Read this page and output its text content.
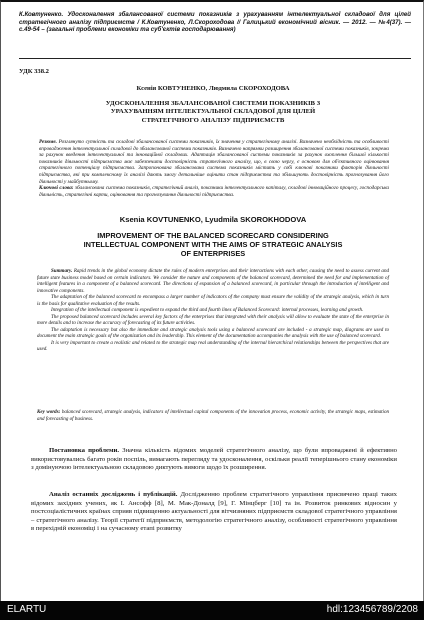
К.Ковтуненко. Удосконалення збалансованої системи показників з урахуванням інтелектуальної складової для цілей стратегічного аналізу підприємств / К.Ковтуненко, Л.Скороходова // Галицький економічний вісник. — 2012. — №4(37). — с.49-54 – (загальні проблеми економіки та суб'єктів господарювання)
УДК 338.2
Ксенія КОВТУНЕНКО, Людмила СКОРОХОДОВА
УДОСКОНАЛЕННЯ ЗБАЛАНСОВАНОЇ СИСТЕМИ ПОКАЗНИКІВ З
УРАХУВАННЯМ ІНТЕЛЕКТУАЛЬНОЇ СКЛАДОВОЇ ДЛЯ ЦІЛЕЙ
СТРАТЕГІЧНОГО АНАЛІЗУ ПІДПРИЄМСТВ
Резюме. Розглянуто сутність та складові збалансованої системи показників, їх значення у стратегічному аналізі. Визначено необхідність та особливості впровадження інтелектуальної складової до збалансованої системи показників. Визначено напрямки розширення збалансованої системи показників, зокрема за рахунок введення інтелектуальної та інноваційної складових. Адаптація збалансованої системи показників за рахунок охоплення більшої кількості показників діяльності підприємства має забезпечити достовірність стратегічного аналізу, що, в свою чергу, є основою для об'єктивного оцінювання стратегічного потенціалу підприємства. Запропонована збалансована система показників містить у собі ключові показники факторів діяльності підприємства, які при комплексному їх аналізі дають змогу детальніше оцінити стан підприємства та збільшують достовірність прогнозування його діяльності у майбутньому.
Ключові слова: збалансована система показників, стратегічний аналіз, показники інтелектуального капіталу, складові інноваційного процесу, господарська діяльність, стратегічні карти, оцінювання та прогнозування діяльності підприємства.
Ksenia KOVTUNENKO, Lyudmila SKOROKHODOVA
IMPROVEMENT OF THE BALANCED SCORECARD CONSIDERING
INTELLECTUAL COMPONENT WITH THE AIMS OF STRATEGIC ANALYSIS
OF ENTERPRISES

Summary. Rapid trends in the global economy dictate the rules of modern enterprises and their interactions with each other, causing the need to assess current and future state business model based on certain indicators. We consider the nature and components of the balanced scorecard, determined the need for and implementation of intelligent features in a component of a balanced scorecard. The directions of expansion of a balanced scorecard, in particular through the introduction of intelligent and innovative components.

The adaptation of the balanced scorecard to encompass a larger number of indicators of the company must ensure the validity of the strategic analysis, which in turn is the basis for qualitative evaluation of the results.

Integration of the intellectual component is expedient to expand the third and fourth lines of Balanced Scorecard: internal processes, learning and growth.

The proposed balanced scorecard includes several key factors of the enterprises that integrated with their analysis will allow to evaluate the state of the enterprise in more details and to increase the accuracy of forecasting of its future activities.

The adaptation is necessary but also the immediate and strategic analysis tools using a balanced scorecard are included - a strategic map, diagrams are used to document the main strategic goals of the organization and its leadership. This element of the documentation accompanies the analysis with the use of balanced scorecard.

It is very important to create a realistic and related to the strategic map real understanding of the internal hierarchical relationships between the perspectives that are used.

Key words: balanced scorecard, strategic analysis, indicators of intellectual capital components of the innovation process, economic activity, the strategic maps, estimation and forecasting of business.

Постановка проблеми. Значна кількість відомих моделей стратегічного аналізу, що були впроваджені й ефективно використовувались багато років поспіль, вимагають перегляду та удосконалення, оскільки реалії теперішнього стану економіки з домінуючою інтелектуальною складовою диктують вимоги щодо їх розширення.

Аналіз останніх досліджень і публікацій. Дослідженню проблем стратегічного управління присвячено праці таких відомих західних учених, як І. Ансофф [8], М. Мак-Доналд [9], Г. Мінцберг [10] та ін. Розвиток ринкових відносин у постсоціалістичних країнах сприяв підвищенню актуальності для вітчизняних підприємств складової стратегічного управління – стратегічного аналізу. Теорії стратегії підприємств, методологію стратегічного аналізу, особливості стратегічного управління в перехідній економіці і на сучасному етапі розвитку

ELARTU	hdl:123456789/2208
